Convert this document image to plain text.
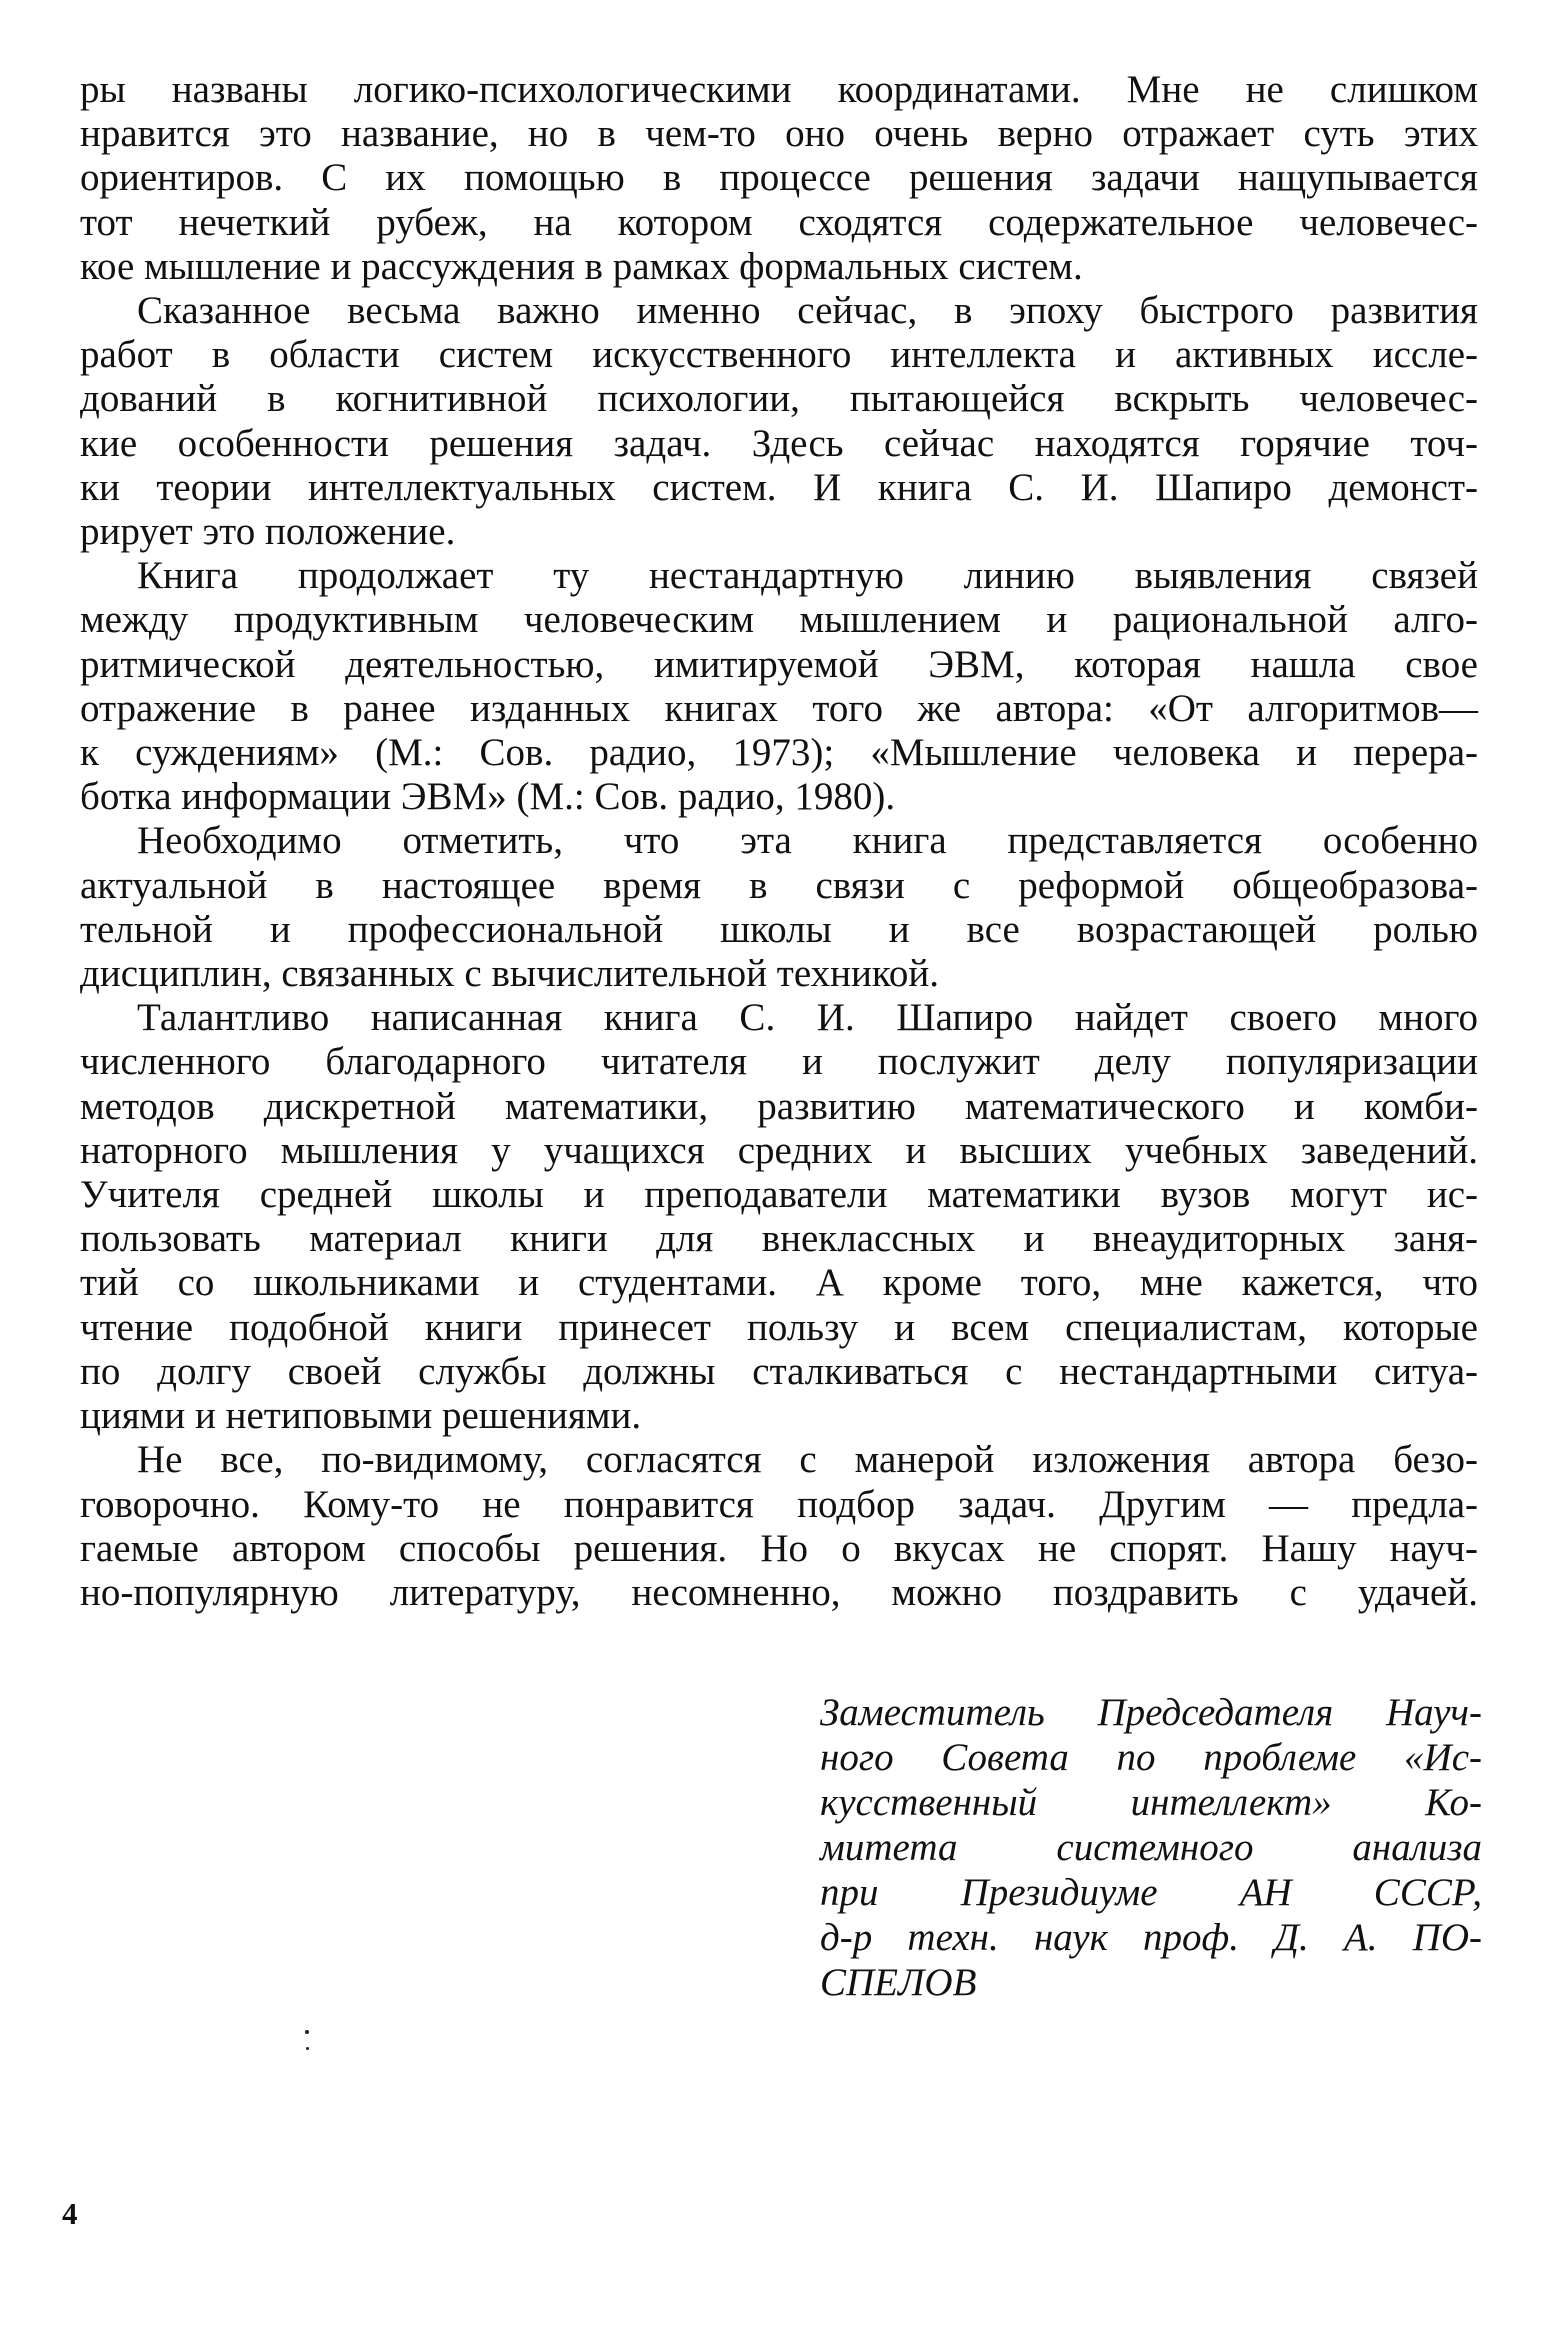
ры названы логико-психологическими координатами. Мне не слишком
нравится это название, но в чем-то оно очень верно отражает суть этих
ориентиров. С их помощью в процессе решения задачи нащупывается
тот нечеткий рубеж, на котором сходятся содержательное человечес-
кое мышление и рассуждения в рамках формальных систем.

Сказанное весьма важно именно сейчас, в эпоху быстрого развития
работ в области систем искусственного интеллекта и активных иссле-
дований в когнитивной психологии, пытающейся вскрыть человечес-
кие особенности решения задач. Здесь сейчас находятся горячие точ-
ки теории интеллектуальных систем. И книга С. И. Шапиро демонст-
рирует это положение.

Книга продолжает ту нестандартную линию выявления связей
между продуктивным человеческим мышлением и рациональной алго-
ритмической деятельностью, имитируемой ЭВМ, которая нашла свое
отражение в ранее изданных книгах того же автора: «От алгоритмов—
к суждениям» (М.: Сов. радио, 1973); «Мышление человека и перера-
ботка информации ЭВМ» (М.: Сов. радио, 1980).

Необходимо отметить, что эта книга представляется особенно
актуальной в настоящее время в связи с реформой общеобразова-
тельной и профессиональной школы и все возрастающей ролью
дисциплин, связанных с вычислительной техникой.

Талантливо написанная книга С. И. Шапиро найдет своего много
численного благодарного читателя и послужит делу популяризации
методов дискретной математики, развитию математического и комби-
наторного мышления у учащихся средних и высших учебных заведений.
Учителя средней школы и преподаватели математики вузов могут ис-
пользовать материал книги для внеклассных и внеаудиторных заня-
тий со школьниками и студентами. А кроме того, мне кажется, что
чтение подобной книги принесет пользу и всем специалистам, которые
по долгу своей службы должны сталкиваться с нестандартными ситуа-
циями и нетиповыми решениями.

Не все, по-видимому, согласятся с манерой изложения автора безо-
говорочно. Кому-то не понравится подбор задач. Другим — предла-
гаемые автором способы решения. Но о вкусах не спорят. Нашу науч-
но-популярную литературу, несомненно, можно поздравить с удачей.

Заместитель Председателя Науч-
ного Совета по проблеме «Ис-
кусственный интеллект» Ко-
митета системного анализа
при Президиуме АН СССР,
д-р техн. наук проф. Д. А. ПО-
СПЕЛОВ
4
